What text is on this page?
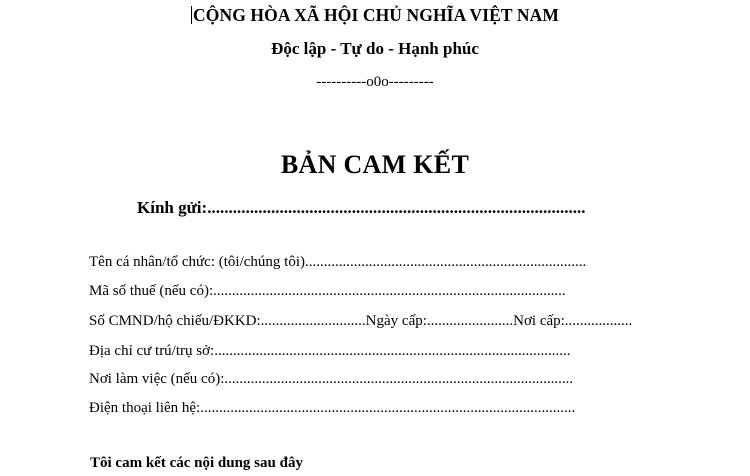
CỘNG HÒA XÃ HỘI CHỦ NGHĨA VIỆT NAM
Độc lập - Tự do - Hạnh phúc
----------o0o---------
BẢN CAM KẾT
Kính gửi:.........................................................................................
Tên cá nhân/tổ chức: (tôi/chúng tôi)...........................................................................
Mã số thuế (nếu có):..............................................................................................
Số CMND/hộ chiếu/ĐKKD:............................Ngày cấp:.......................Nơi cấp:..................
Địa chỉ cư trú/trụ sở:...............................................................................................
Nơi làm việc (nếu có):.............................................................................................
Điện thoại liên hệ:....................................................................................................
Tôi cam kết các nội dung sau đây
